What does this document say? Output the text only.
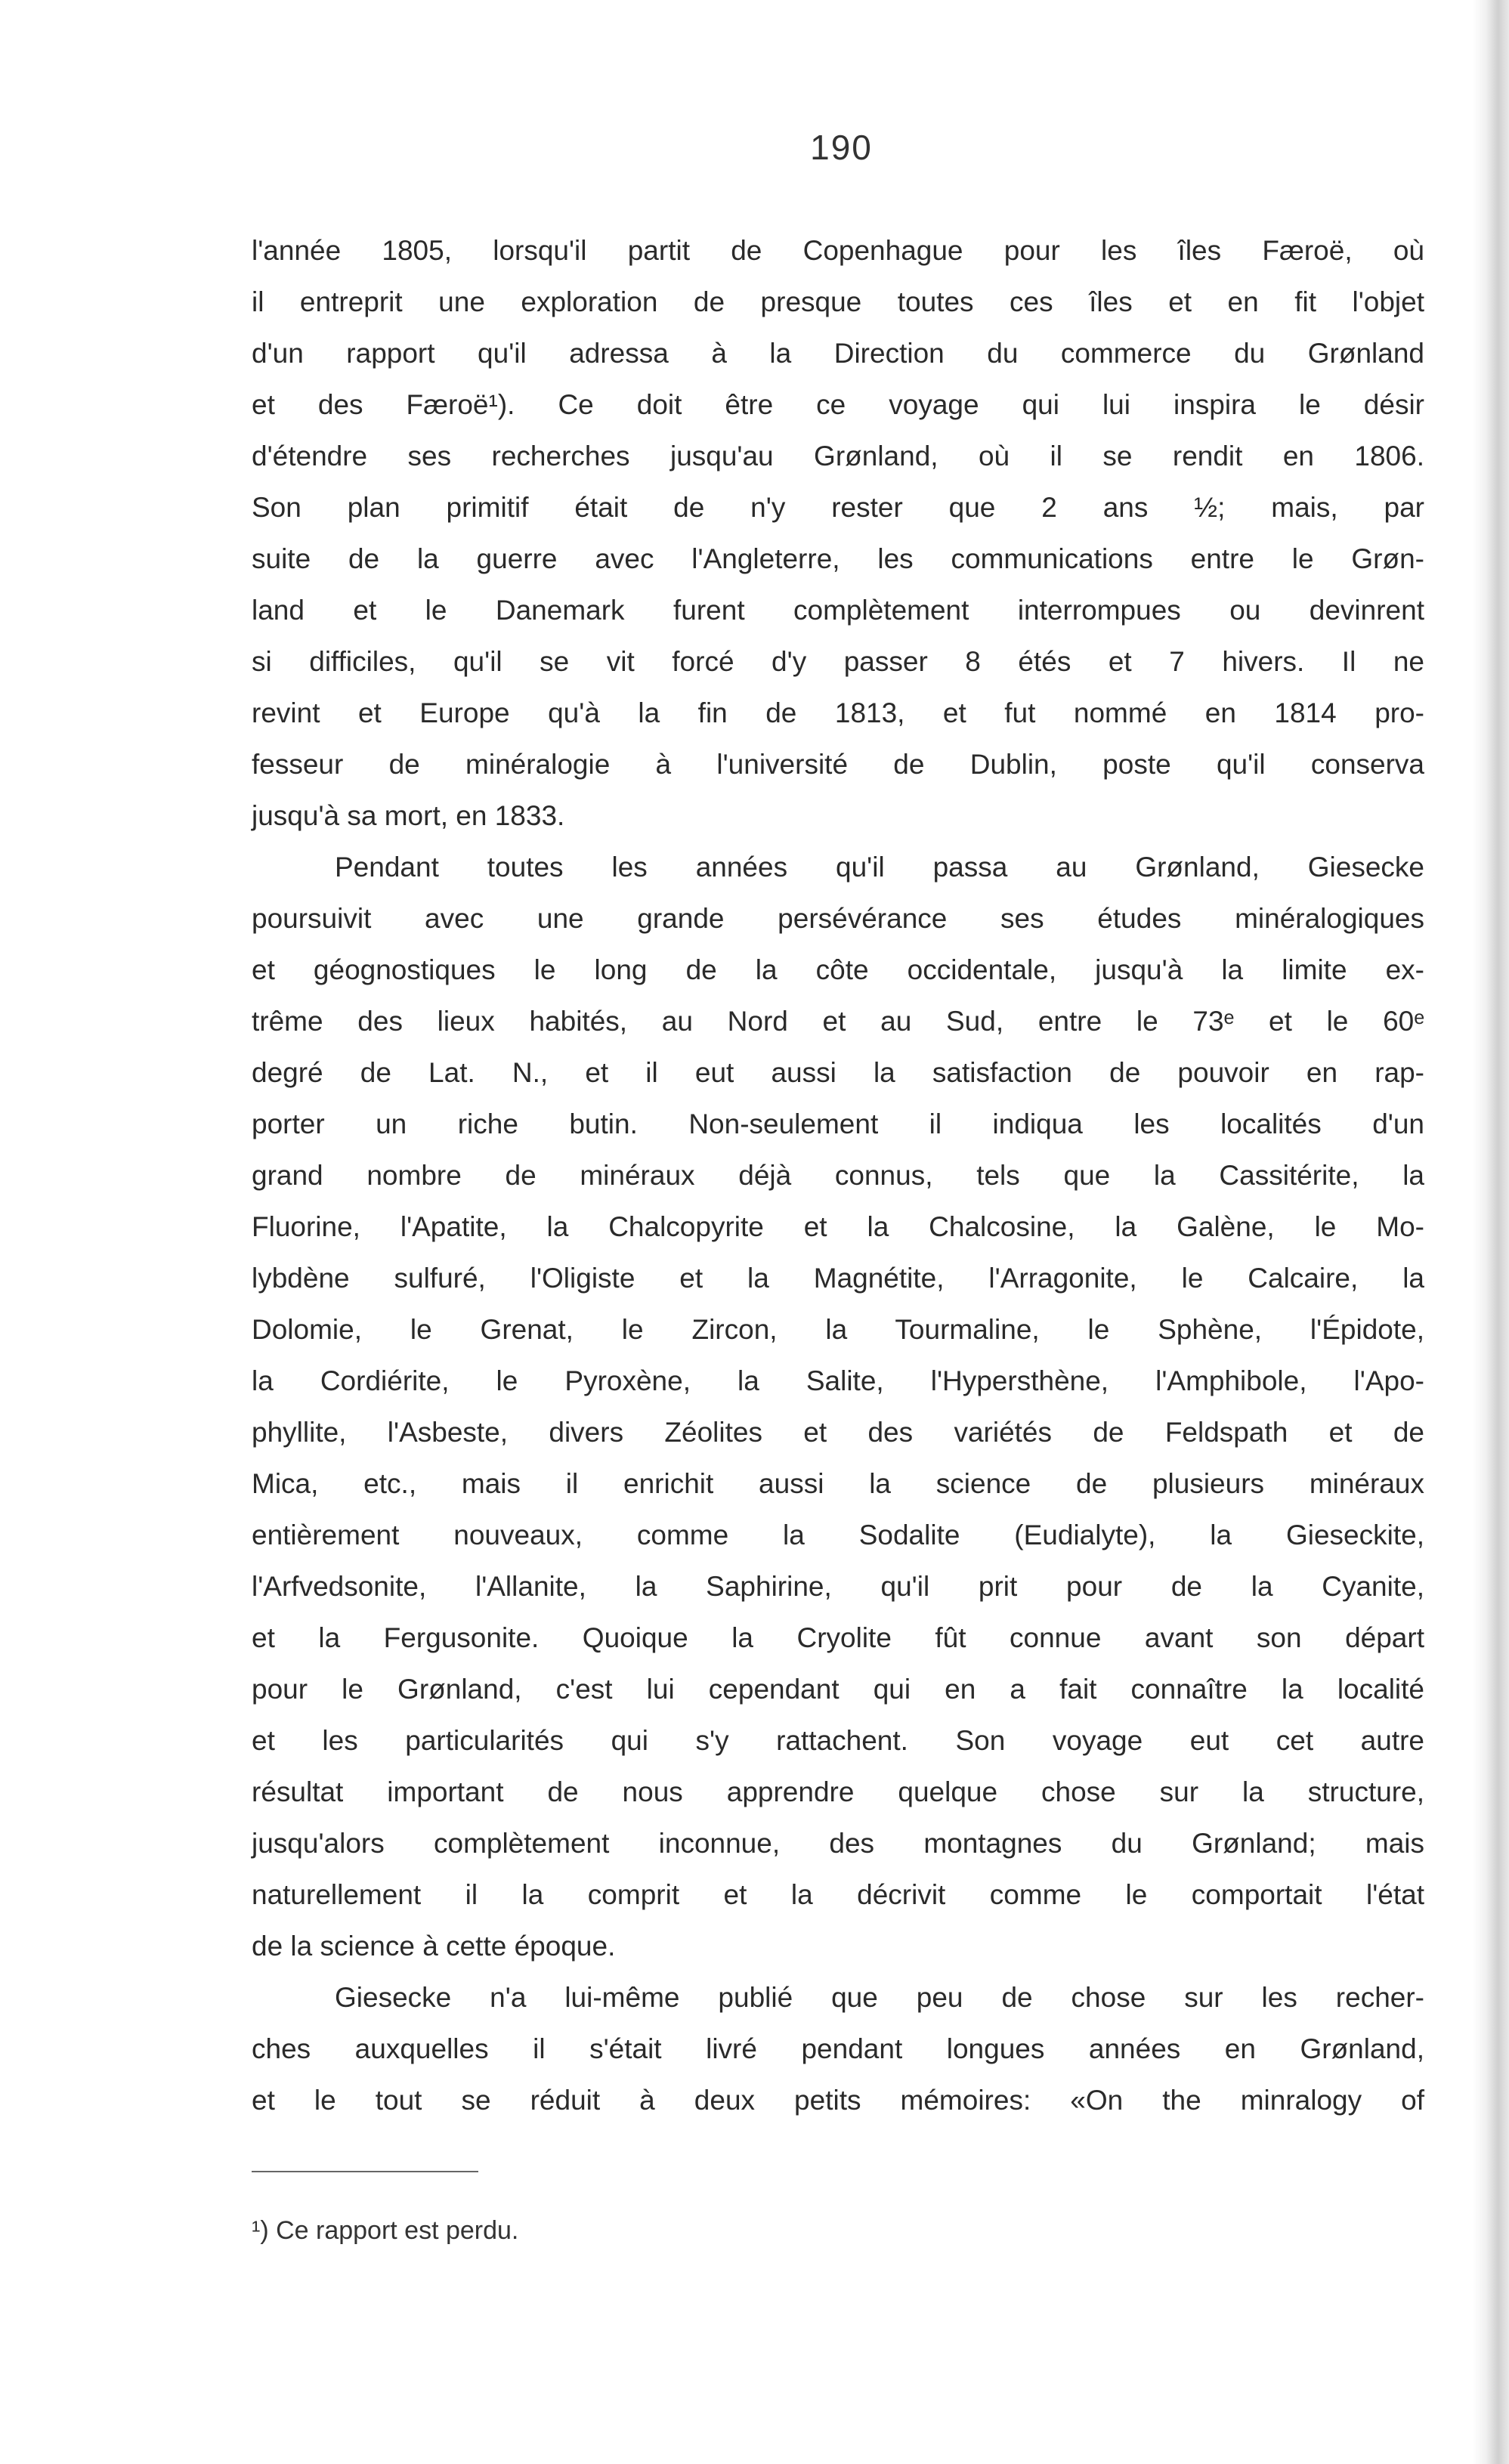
190
l'année 1805, lorsqu'il partit de Copenhague pour les îles Færoë, où
il entreprit une exploration de presque toutes ces îles et en fit l'objet
d'un rapport qu'il adressa à la Direction du commerce du Grønland
et des Færoë¹). Ce doit être ce voyage qui lui inspira le désir
d'étendre ses recherches jusqu'au Grønland, où il se rendit en 1806.
Son plan primitif était de n'y rester que 2 ans ½; mais, par
suite de la guerre avec l'Angleterre, les communications entre le Grøn-
land et le Danemark furent complètement interrompues ou devinrent
si difficiles, qu'il se vit forcé d'y passer 8 étés et 7 hivers. Il ne
revint et Europe qu'à la fin de 1813, et fut nommé en 1814 pro-
fesseur de minéralogie à l'université de Dublin, poste qu'il conserva
jusqu'à sa mort, en 1833.
Pendant toutes les années qu'il passa au Grønland, Giesecke
poursuivit avec une grande persévérance ses études minéralogiques
et géognostiques le long de la côte occidentale, jusqu'à la limite ex-
trême des lieux habités, au Nord et au Sud, entre le 73ᵉ et le 60ᵉ
degré de Lat. N., et il eut aussi la satisfaction de pouvoir en rap-
porter un riche butin. Non-seulement il indiqua les localités d'un
grand nombre de minéraux déjà connus, tels que la Cassitérite, la
Fluorine, l'Apatite, la Chalcopyrite et la Chalcosine, la Galène, le Mo-
lybdène sulfuré, l'Oligiste et la Magnétite, l'Arragonite, le Calcaire, la
Dolomie, le Grenat, le Zircon, la Tourmaline, le Sphène, l'Épidote,
la Cordiérite, le Pyroxène, la Salite, l'Hypersthène, l'Amphibole, l'Apo-
phyllite, l'Asbeste, divers Zéolites et des variétés de Feldspath et de
Mica, etc., mais il enrichit aussi la science de plusieurs minéraux
entièrement nouveaux, comme la Sodalite (Eudialyte), la Gieseckite,
l'Arfvedsonite, l'Allanite, la Saphirine, qu'il prit pour de la Cyanite,
et la Fergusonite. Quoique la Cryolite fût connue avant son départ
pour le Grønland, c'est lui cependant qui en a fait connaître la localité
et les particularités qui s'y rattachent. Son voyage eut cet autre
résultat important de nous apprendre quelque chose sur la structure,
jusqu'alors complètement inconnue, des montagnes du Grønland; mais
naturellement il la comprit et la décrivit comme le comportait l'état
de la science à cette époque.
Giesecke n'a lui-même publié que peu de chose sur les recher-
ches auxquelles il s'était livré pendant longues années en Grønland,
et le tout se réduit à deux petits mémoires: «On the minralogy of
¹) Ce rapport est perdu.
